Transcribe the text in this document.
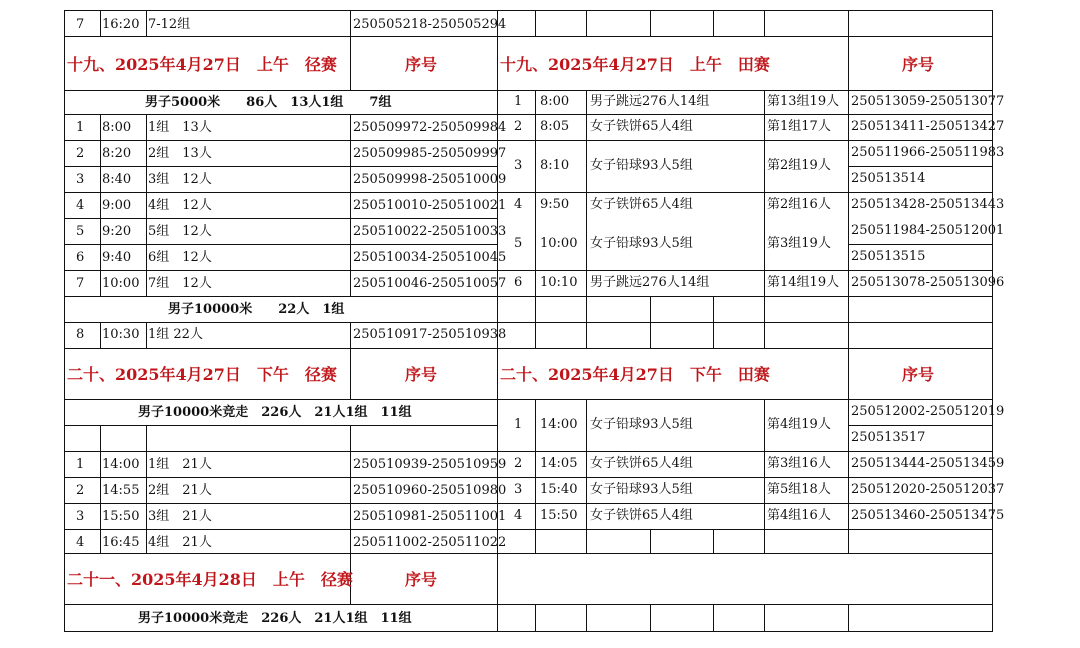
7 16:20 7-12组	250505218-250505294
十九、2025年4月27日　上午　径赛	序号	十九、2025年4月27日　上午　田赛	序号
男子5000米　　86人　13人1组　　7组
1 8:00 1组　13人	250509972-250509984
2 8:20 2组　13人	250509985-250509997
3 8:40 3组　12人	250509998-250510009
4 9:00 4组　12人	250510010-250510021
5 9:20 5组　12人	250510022-250510033
6 9:40 6组　12人	250510034-250510045
7 10:00 7组　12人	250510046-250510057
男子10000米　　22人　1组
8 10:30 1组 22人	250510917-250510938
1 8:00 男子跳远276人14组	第13组19人 250513059-250513077
2 8:05 女子铁饼65人4组	第1组17人 250513411-250513427
3 8:10 女子铅球93人5组	第2组19人
250511966-250511983
250513514
4 9:50 女子铁饼65人4组	第2组16人 250513428-250513443
5 10:00 女子铅球93人5组	第3组19人
250511984-250512001
250513515
6 10:10 男子跳远276人14组	第14组19人 250513078-250513096
二十、2025年4月27日　下午　径赛	序号	二十、2025年4月27日　下午　田赛	序号
男子10000米竞走　226人　21人1组　11组
1 14:00 1组　21人	250510939-250510959
2 14:55 2组　21人	250510960-250510980
3 15:50 3组　21人	250510981-250511001
4 16:45 4组　21人	250511002-250511022
1 14:00 女子铅球93人5组	第4组19人
250512002-250512019
250513517
2 14:05 女子铁饼65人4组	第3组16人 250513444-250513459
3 15:40 女子铅球93人5组	第5组18人 250512020-250512037
4 15:50 女子铁饼65人4组	第4组16人 250513460-250513475
二十一、2025年4月28日　上午　径赛	序号
男子10000米竞走　226人　21人1组　11组
